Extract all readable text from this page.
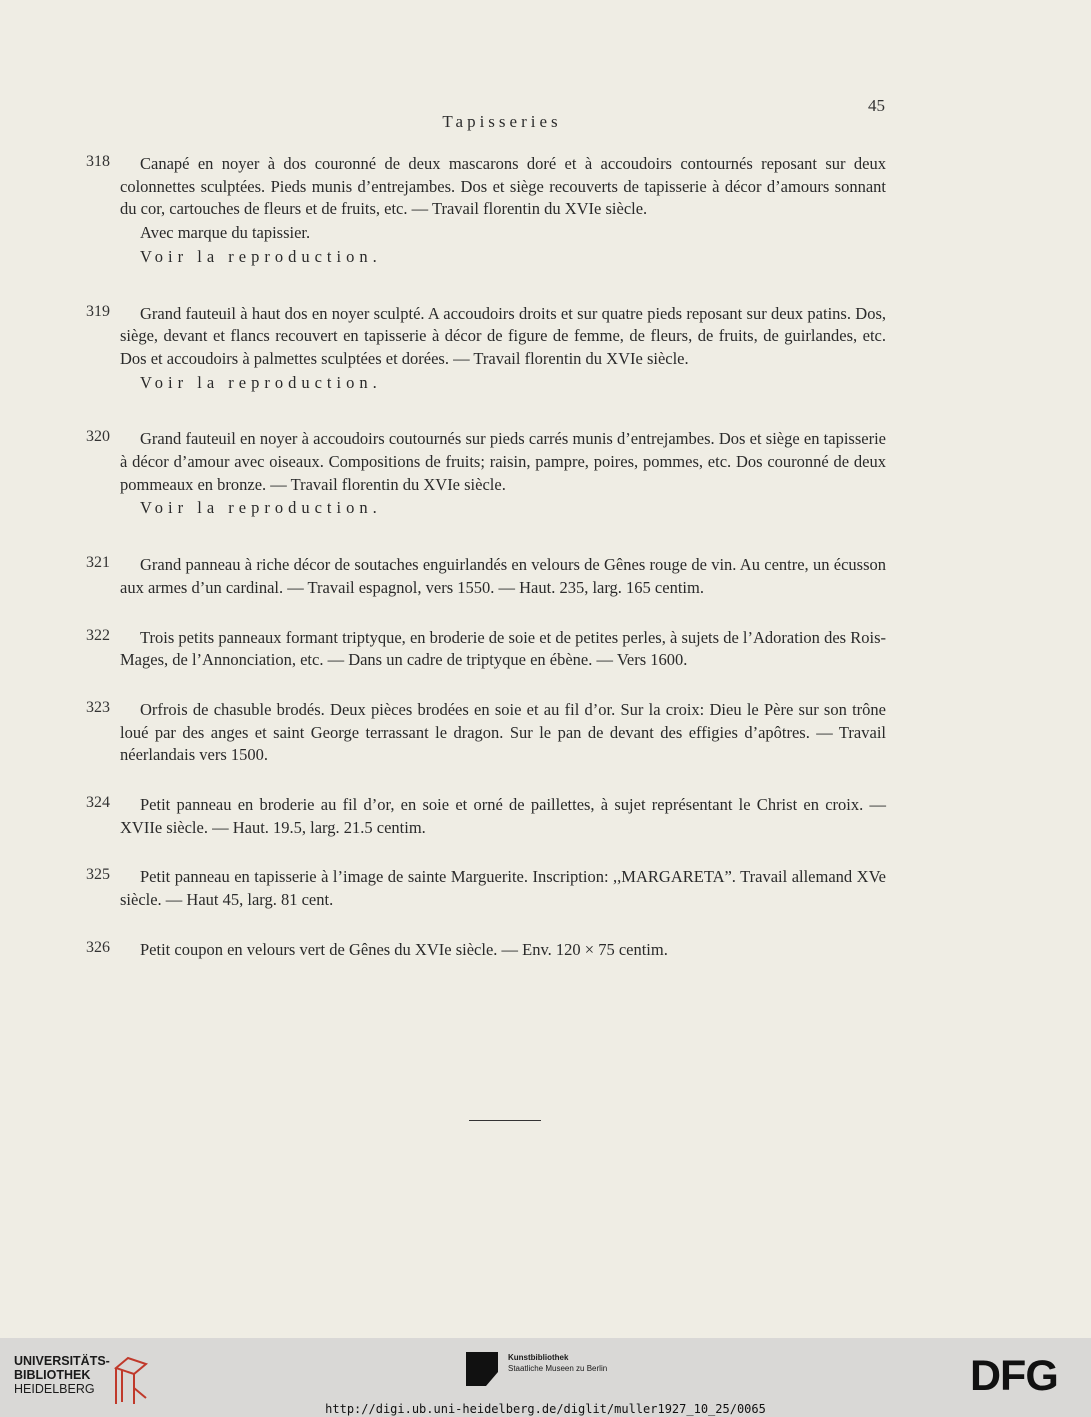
45
Tapisseries
318	Canapé en noyer à dos couronné de deux mascarons doré et à accoudoirs contournés reposant sur deux colonnettes sculptées. Pieds munis d’entrejambes. Dos et siège recouverts de tapisserie à décor d’amours sonnant du cor, cartouches de fleurs et de fruits, etc. — Travail florentin du XVIe siècle.

Avec marque du tapissier.

Voir la reproduction.

319	Grand fauteuil à haut dos en noyer sculpté. A accoudoirs droits et sur quatre pieds reposant sur deux patins. Dos, siège, devant et flancs recouvert en tapisserie à décor de figure de femme, de fleurs, de fruits, de guirlandes, etc. Dos et accoudoirs à palmettes sculptées et dorées. — Travail florentin du XVIe siècle.

Voir la reproduction.

320	Grand fauteuil en noyer à accoudoirs coutournés sur pieds carrés munis d’entrejambes. Dos et siège en tapisserie à décor d’amour avec oiseaux. Compositions de fruits; raisin, pampre, poires, pommes, etc. Dos couronné de deux pommeaux en bronze. — Travail florentin du XVIe siècle.

Voir la reproduction.

321	Grand panneau à riche décor de soutaches enguirlandés en velours de Gênes rouge de vin. Au centre, un écusson aux armes d’un cardinal. — Travail espagnol, vers 1550. — Haut. 235, larg. 165 centim.

322	Trois petits panneaux formant triptyque, en broderie de soie et de petites perles, à sujets de l’Adoration des Rois-Mages, de l’Annonciation, etc. — Dans un cadre de triptyque en ébène. — Vers 1600.

323	Orfrois de chasuble brodés. Deux pièces brodées en soie et au fil d’or. Sur la croix: Dieu le Père sur son trône loué par des anges et saint George terrassant le dragon. Sur le pan de devant des effigies d’apôtres. — Travail néerlandais vers 1500.

324	Petit panneau en broderie au fil d’or, en soie et orné de paillettes, à sujet représentant le Christ en croix. — XVIIe siècle. — Haut. 19.5, larg. 21.5 centim.

325	Petit panneau en tapisserie à l’image de sainte Marguerite. Inscription: ,,MARGARETA”. Travail allemand XVe siècle. — Haut 45, larg. 81 cent.

326	Petit coupon en velours vert de Gênes du XVIe siècle. — Env. 120 × 75 centim.

UNIVERSITÄTS-
BIBLIOTHEK
HEIDELBERG
Kunstbibliothek
Staatliche Museen zu Berlin	DFG
http://digi.ub.uni-heidelberg.de/diglit/muller1927_10_25/0065
